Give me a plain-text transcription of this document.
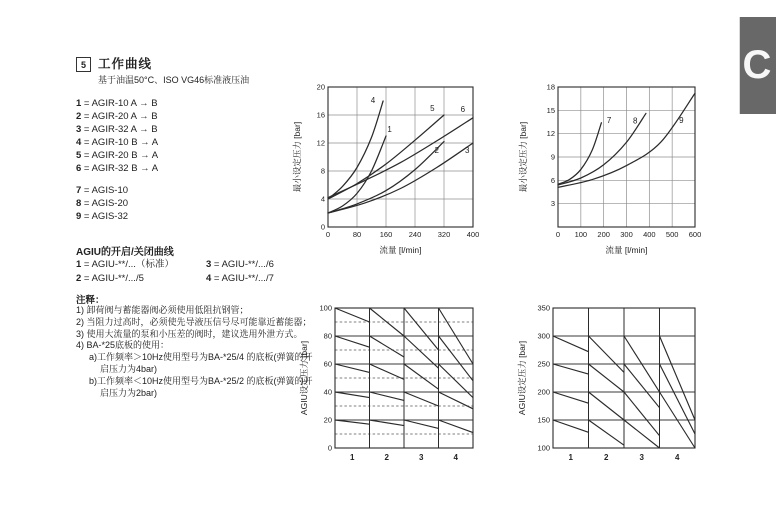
C
5 工作曲线
基于油温50°C、ISO VG46标准液压油
1 = AGIR-10 A → B
2 = AGIR-20 A → B
3 = AGIR-32 A → B
4 = AGIR-10 B → A
5 = AGIR-20 B → A
6 = AGIR-32 B → A
7 = AGIS-10
8 = AGIS-20
9 = AGIS-32
AGIU的开启/关闭曲线
1 = AGIU-**/...（标准）	3 = AGIU-**/.../6
2 = AGIU-**/.../5	4 = AGIU-**/.../7
注释：
1) 卸荷阀与蓄能器阀必须使用低阻抗钢管；
2) 当阻力过高时，必须使先导液压信号尽可能靠近蓄能器；
3) 使用大流量的泵和小压差的阀时，建议选用外泄方式。
4) BA-*25底板的使用：
a)工作频率＞10Hz使用型号为BA-*25/4 的底板(弹簧的开启压力为4bar)
b)工作频率＜10Hz使用型号为BA-*25/2 的底板(弹簧的开启压力为2bar)
1
2	3
4
5	6
0	80 160 240 320 400
流量 [l/min]
0
4
8
12
16
20
最小设定压力 [bar]
7	8	9
0 100 200 300 400 500 600
流量 [l/min]
3
6
9
12
15
18
最小设定压力 [bar]
1	2	3	4
0
20
40
60
80
100
AGIU设定压力 [bar]
1	2	3	4
100
150
200
250
300
350
AGIU设定压力 [bar]
